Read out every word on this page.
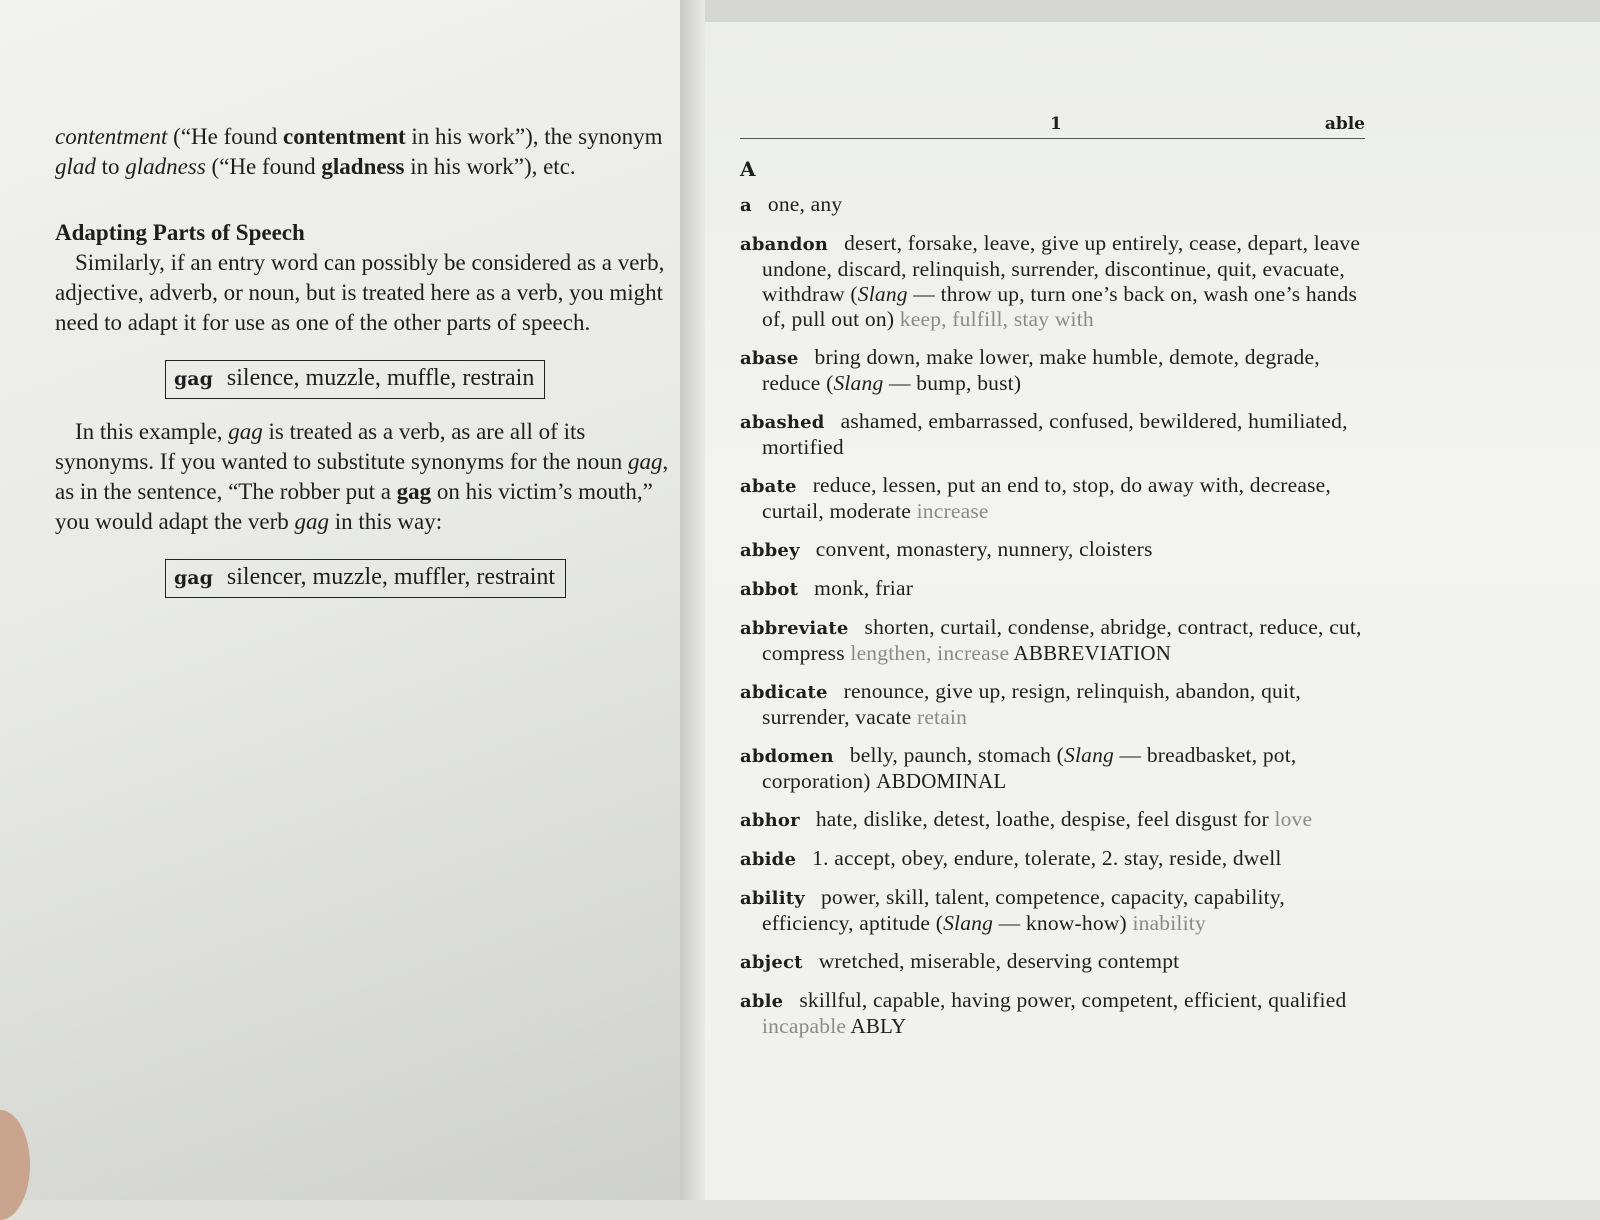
contentment (“He found contentment in his work”), the synonym glad to gladness (“He found gladness in his work”), etc.

Adapting Parts of Speech

Similarly, if an entry word can possibly be considered as a verb, adjective, adverb, or noun, but is treated here as a verb, you might need to adapt it for use as one of the other parts of speech.

gag silence, muzzle, muffle, restrain

In this example, gag is treated as a verb, as are all of its synonyms. If you wanted to substitute synonyms for the noun gag, as in the sentence, “The robber put a gag on his victim’s mouth,” you would adapt the verb gag in this way:

gag silencer, muzzle, muffler, restraint
1	able
A
a one, any
abandon desert, forsake, leave, give up entirely, cease, depart, leave undone, discard, relinquish, surrender, discontinue, quit, evacuate, withdraw (Slang — throw up, turn one’s back on, wash one’s hands of, pull out on) keep, fulfill, stay with
abase bring down, make lower, make humble, demote, degrade, reduce (Slang — bump, bust)
abashed ashamed, embarrassed, confused, bewildered, humiliated, mortified
abate reduce, lessen, put an end to, stop, do away with, decrease, curtail, moderate increase
abbey convent, monastery, nunnery, cloisters
abbot monk, friar
abbreviate shorten, curtail, condense, abridge, contract, reduce, cut, compress lengthen, increase ABBREVIATION
abdicate renounce, give up, resign, relinquish, abandon, quit, surrender, vacate retain
abdomen belly, paunch, stomach (Slang — breadbasket, pot, corporation) ABDOMINAL
abhor hate, dislike, detest, loathe, despise, feel disgust for love
abide 1. accept, obey, endure, tolerate, 2. stay, reside, dwell
ability power, skill, talent, competence, capacity, capability, efficiency, aptitude (Slang — know-how) inability
abject wretched, miserable, deserving contempt
able skillful, capable, having power, competent, efficient, qualified incapable ABLY
